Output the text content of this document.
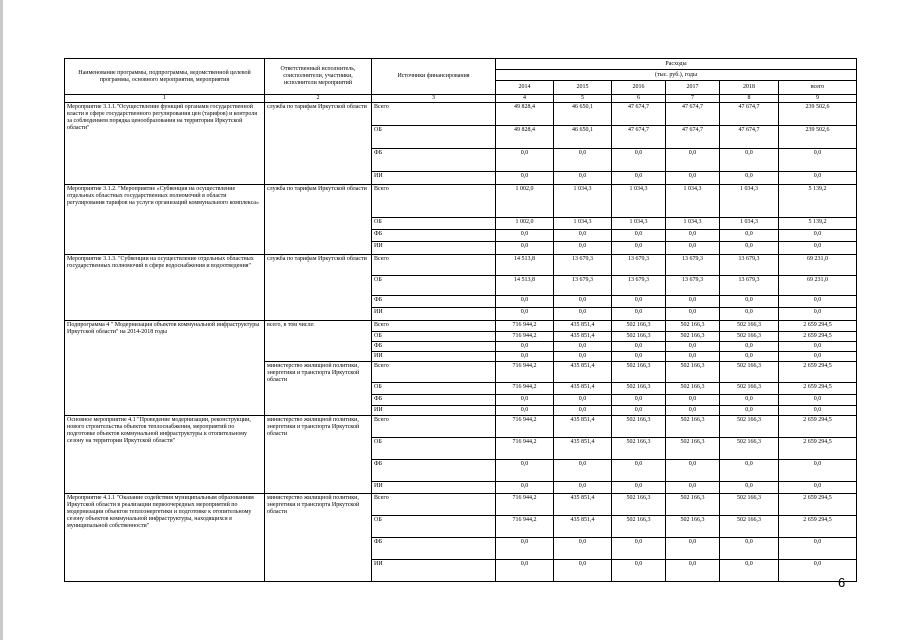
Наименование программы, подпрограммы, ведомственной целевой программы, основного мероприятия, мероприятия	Ответственный исполнитель, соисполнители, участники, исполнители мероприятий	Источники финансирования	Расходы					
			(тыс. руб.), годы					
			2014	2015	2016	2017	2018	всего
1	2	3	4	5	6	7	8	9
Мероприятие 3.1.1."Осуществление функций органами государственной власти в сфере государственного регулирования цен (тарифов) и контроля за соблюдением порядка ценообразования на территории Иркутской области"	служба по тарифам Иркутской области	Всего	49 828,4	46 650,1	47 674,7	47 674,7	47 674,7	239 502,6
		ОБ	49 828,4	46 650,1	47 674,7	47 674,7	47 674,7	239 502,6
		ФБ	0,0	0,0	0,0	0,0	0,0	0,0
		ИИ	0,0	0,0	0,0	0,0	0,0	0,0
Мероприятие 3.1.2. "Мероприятие «Субвенция на осуществление отдельных областных государственных полномочий в области регулирования тарифов на услуги организаций коммунального комплекса»	служба по тарифам Иркутской области	Всего	1 002,0	1 034,3	1 034,3	1 034,3	1 034,3	5 139,2
		ОБ	1 002,0	1 034,3	1 034,3	1 034,3	1 034,3	5 139,2
		ФБ	0,0	0,0	0,0	0,0	0,0	0,0
		ИИ	0,0	0,0	0,0	0,0	0,0	0,0
Мероприятие 3.1.3. "Субвенции на осуществление отдельных областных государственных полномочий в сфере водоснабжения и водоотведения"	служба по тарифам Иркутской области	Всего	14 513,8	13 679,3	13 679,3	13 679,3	13 679,3	69 231,0
		ОБ	14 513,8	13 679,3	13 679,3	13 679,3	13 679,3	69 231,0
		ФБ	0,0	0,0	0,0	0,0	0,0	0,0
		ИИ	0,0	0,0	0,0	0,0	0,0	0,0
Подпрограмма 4 " Модернизация объектов коммунальной инфраструктуры Иркутской области" на 2014-2018 годы	всего, в том числе:	Всего	716 944,2	435 851,4	502 166,3	502 166,3	502 166,3	2 659 294,5
		ОБ	716 944,2	435 851,4	502 166,3	502 166,3	502 166,3	2 659 294,5
		ФБ	0,0	0,0	0,0	0,0	0,0	0,0
		ИИ	0,0	0,0	0,0	0,0	0,0	0,0
	министерство жилищной политики, энергетики и транспорта Иркутской области	Всего	716 944,2	435 851,4	502 166,3	502 166,3	502 166,3	2 659 294,5
		ОБ	716 944,2	435 851,4	502 166,3	502 166,3	502 166,3	2 659 294,5
		ФБ	0,0	0,0	0,0	0,0	0,0	0,0
		ИИ	0,0	0,0	0,0	0,0	0,0	0,0
Основное мероприятие 4.1 "Проведение модернизации, реконструкции, нового строительства объектов теплоснабжения, мероприятий по подготовке объектов коммунальной инфраструктуры к отопительному сезону на территории Иркутской области"	министерство жилищной политики, энергетики и транспорта Иркутской области	Всего	716 944,2	435 851,4	502 166,3	502 166,3	502 166,3	2 659 294,5
		ОБ	716 944,2	435 851,4	502 166,3	502 166,3	502 166,3	2 659 294,5
		ФБ	0,0	0,0	0,0	0,0	0,0	0,0
		ИИ	0,0	0,0	0,0	0,0	0,0	0,0
Мероприятие 4.1.1 "Оказание содействия муниципальным образованиям Иркутской области в реализации первоочередных мероприятий по модернизации объектов теплоэнергетики и подготовке к отопительному сезону объектов коммунальной инфраструктуры, находящихся в муниципальной собственности"	министерство жилищной политики, энергетики и транспорта Иркутской области	Всего	716 944,2	435 851,4	502 166,3	502 166,3	502 166,3	2 659 294,5
		ОБ	716 944,2	435 851,4	502 166,3	502 166,3	502 166,3	2 659 294,5
		ФБ	0,0	0,0	0,0	0,0	0,0	0,0
		ИИ	0,0	0,0	0,0	0,0	0,0	0,0
6
